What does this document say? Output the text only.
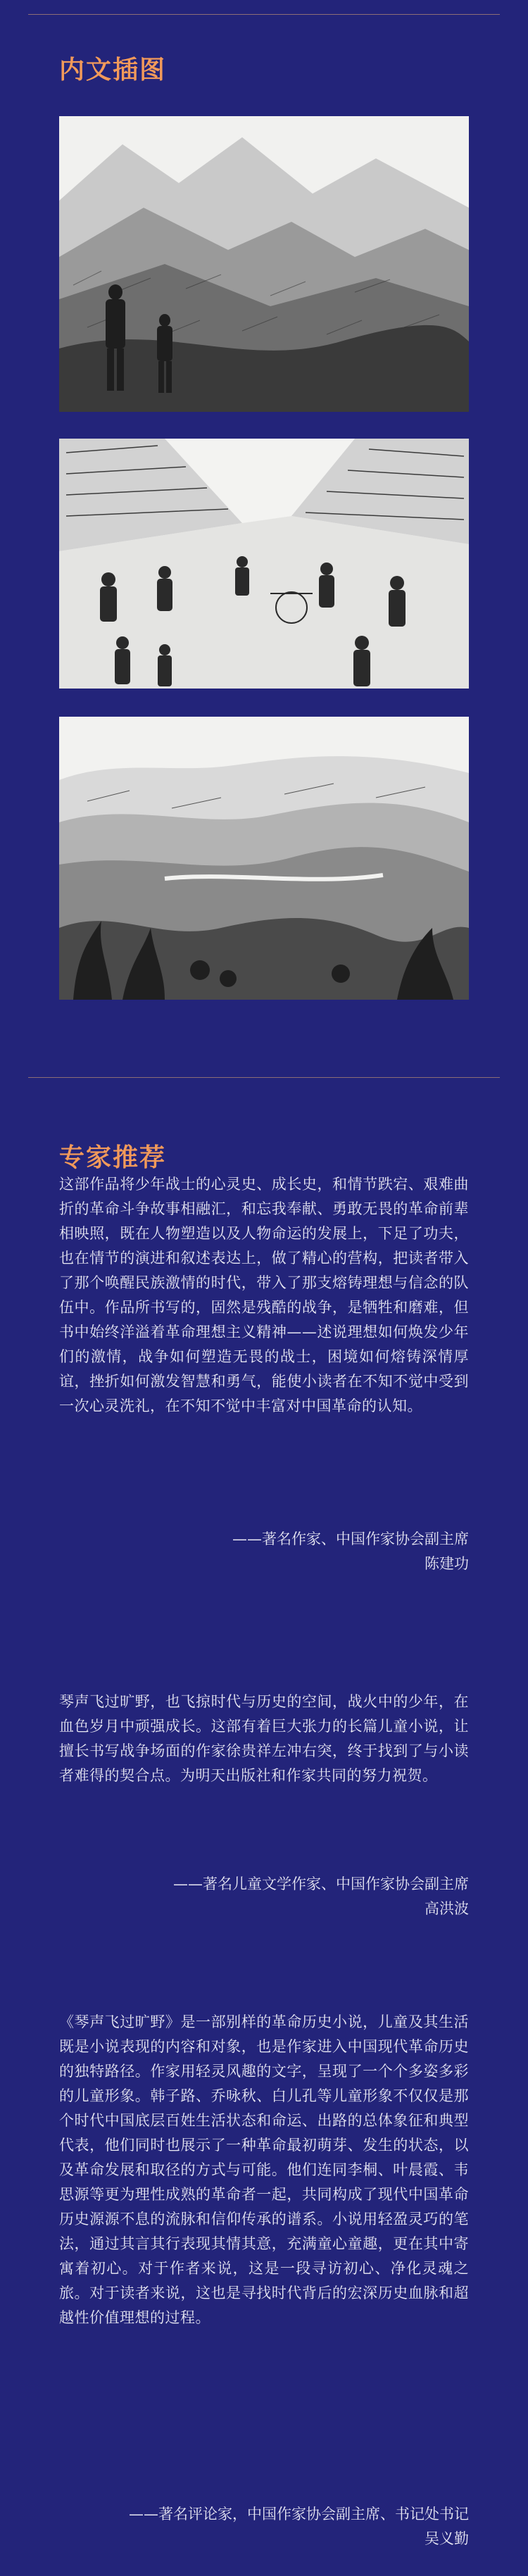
内文插图
专家推荐

这部作品将少年战士的心灵史、成长史，和情节跌宕、艰难曲折的革命斗争故事相融汇，和忘我奉献、勇敢无畏的革命前辈相映照，既在人物塑造以及人物命运的发展上，下足了功夫，也在情节的演进和叙述表达上，做了精心的营构，把读者带入了那个唤醒民族激情的时代，带入了那支熔铸理想与信念的队伍中。作品所书写的，固然是残酷的战争，是牺牲和磨难，但书中始终洋溢着革命理想主义精神——述说理想如何焕发少年们的激情，战争如何塑造无畏的战士，困境如何熔铸深情厚谊，挫折如何激发智慧和勇气，能使小读者在不知不觉中受到一次心灵洗礼，在不知不觉中丰富对中国革命的认知。

——著名作家、中国作家协会副主席

陈建功

琴声飞过旷野，也飞掠时代与历史的空间，战火中的少年，在血色岁月中顽强成长。这部有着巨大张力的长篇儿童小说，让擅长书写战争场面的作家徐贵祥左冲右突，终于找到了与小读者难得的契合点。为明天出版社和作家共同的努力祝贺。

——著名儿童文学作家、中国作家协会副主席

高洪波

《琴声飞过旷野》是一部别样的革命历史小说，儿童及其生活既是小说表现的内容和对象，也是作家进入中国现代革命历史的独特路径。作家用轻灵风趣的文字，呈现了一个个多姿多彩的儿童形象。韩子路、乔咏秋、白儿孔等儿童形象不仅仅是那个时代中国底层百姓生活状态和命运、出路的总体象征和典型代表，他们同时也展示了一种革命最初萌芽、发生的状态，以及革命发展和取径的方式与可能。他们连同李桐、叶晨霞、韦思源等更为理性成熟的革命者一起，共同构成了现代中国革命历史源源不息的流脉和信仰传承的谱系。小说用轻盈灵巧的笔法，通过其言其行表现其情其意，充满童心童趣，更在其中寄寓着初心。对于作者来说，这是一段寻访初心、净化灵魂之旅。对于读者来说，这也是寻找时代背后的宏深历史血脉和超越性价值理想的过程。

——著名评论家，中国作家协会副主席、书记处书记

吴义勤
